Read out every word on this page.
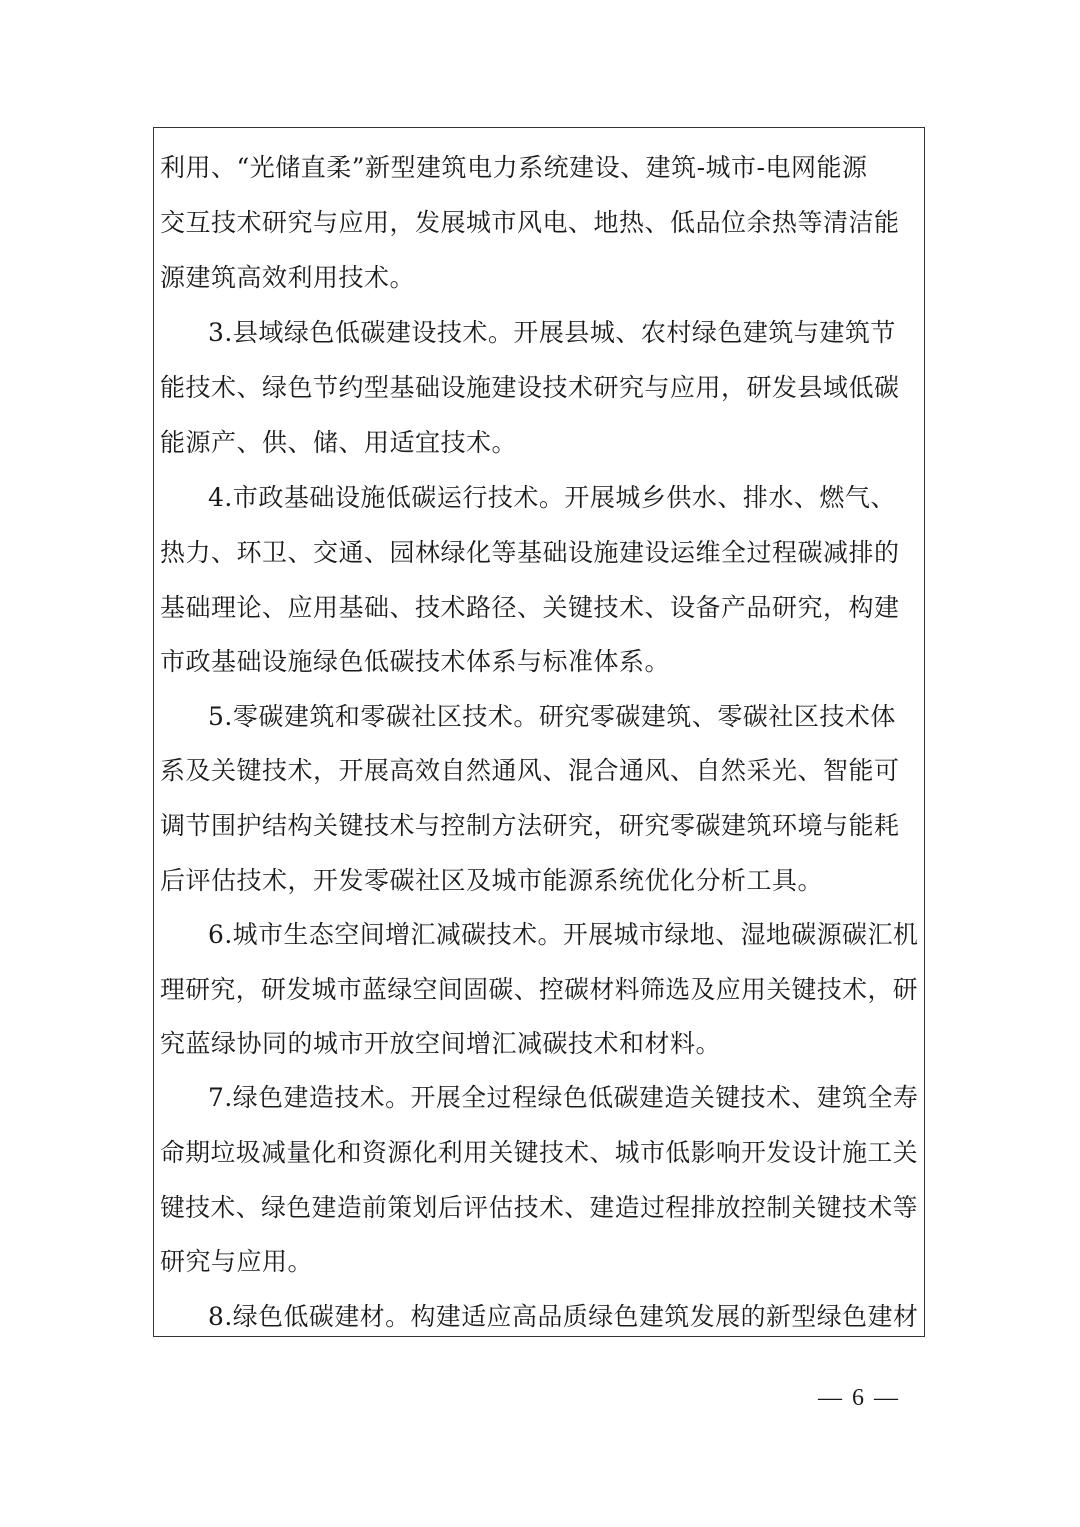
利用、“光储直柔”新型建筑电力系统建设、建筑-城市-电网能源
交互技术研究与应用，发展城市风电、地热、低品位余热等清洁能
源建筑高效利用技术。
3.县域绿色低碳建设技术。开展县城、农村绿色建筑与建筑节
能技术、绿色节约型基础设施建设技术研究与应用，研发县域低碳
能源产、供、储、用适宜技术。
4.市政基础设施低碳运行技术。开展城乡供水、排水、燃气、
热力、环卫、交通、园林绿化等基础设施建设运维全过程碳减排的
基础理论、应用基础、技术路径、关键技术、设备产品研究，构建
市政基础设施绿色低碳技术体系与标准体系。
5.零碳建筑和零碳社区技术。研究零碳建筑、零碳社区技术体
系及关键技术，开展高效自然通风、混合通风、自然采光、智能可
调节围护结构关键技术与控制方法研究，研究零碳建筑环境与能耗
后评估技术，开发零碳社区及城市能源系统优化分析工具。
6.城市生态空间增汇减碳技术。开展城市绿地、湿地碳源碳汇机
理研究，研发城市蓝绿空间固碳、控碳材料筛选及应用关键技术，研
究蓝绿协同的城市开放空间增汇减碳技术和材料。
7.绿色建造技术。开展全过程绿色低碳建造关键技术、建筑全寿
命期垃圾减量化和资源化利用关键技术、城市低影响开发设计施工关
键技术、绿色建造前策划后评估技术、建造过程排放控制关键技术等
研究与应用。
8.绿色低碳建材。构建适应高品质绿色建筑发展的新型绿色建材
— 6 —
